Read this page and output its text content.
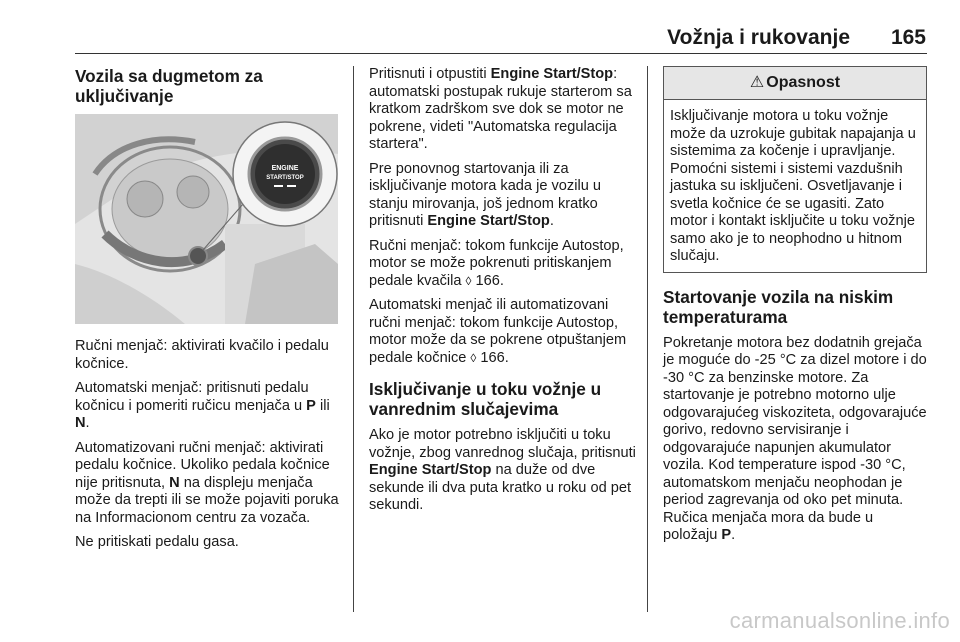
Vožnja i rukovanje	165
Vozila sa dugmetom za uključivanje
ENGINE
START/STOP

Ručni menjač: aktivirati kvačilo i pedalu kočnice.

Automatski menjač: pritisnuti pedalu kočnicu i pomeriti ručicu menjača u P ili N.

Automatizovani ručni menjač: aktivirati pedalu kočnice. Ukoliko pedala kočnice nije pritisnuta, N na displeju menjača može da trepti ili se može pojaviti poruka na Informacionom centru za vozača.

Ne pritiskati pedalu gasa.

Pritisnuti i otpustiti Engine Start/Stop: automatski postupak rukuje starterom sa kratkom zadrškom sve dok se motor ne pokrene, videti "Automatska regulacija startera".

Pre ponovnog startovanja ili za isključivanje motora kada je vozilu u stanju mirovanja, još jednom kratko pritisnuti Engine Start/Stop.

Ručni menjač: tokom funkcije Autostop, motor se može pokrenuti pritiskanjem pedale kvačila ◊ 166.

Automatski menjač ili automatizovani ručni menjač: tokom funkcije Autostop, motor može da se pokrene otpuštanjem pedale kočnice ◊ 166.

Isključivanje u toku vožnje u vanrednim slučajevima

Ako je motor potrebno isključiti u toku vožnje, zbog vanrednog slučaja, pritisnuti Engine Start/Stop na duže od dve sekunde ili dva puta kratko u roku od pet sekundi.

⚠ Opasnost
Isključivanje motora u toku vožnje može da uzrokuje gubitak napajanja u sistemima za kočenje i upravljanje. Pomoćni sistemi i sistemi vazdušnih jastuka su isključeni. Osvetljavanje i svetla kočnice će se ugasiti. Zato motor i kontakt isključite u toku vožnje samo ako je to neophodno u hitnom slučaju.
Startovanje vozila na niskim temperaturama

Pokretanje motora bez dodatnih grejača je moguće do -25 °C za dizel motore i do -30 °C za benzinske motore. Za startovanje je potrebno motorno ulje odgovarajućeg viskoziteta, odgovarajuće gorivo, redovno servisiranje i odgovarajuće napunjen akumulator vozila. Kod temperature ispod -30 °C, automatskom menjaču neophodan je period zagrevanja od oko pet minuta. Ručica menjača mora da bude u položaju P.

carmanualsonline.info
